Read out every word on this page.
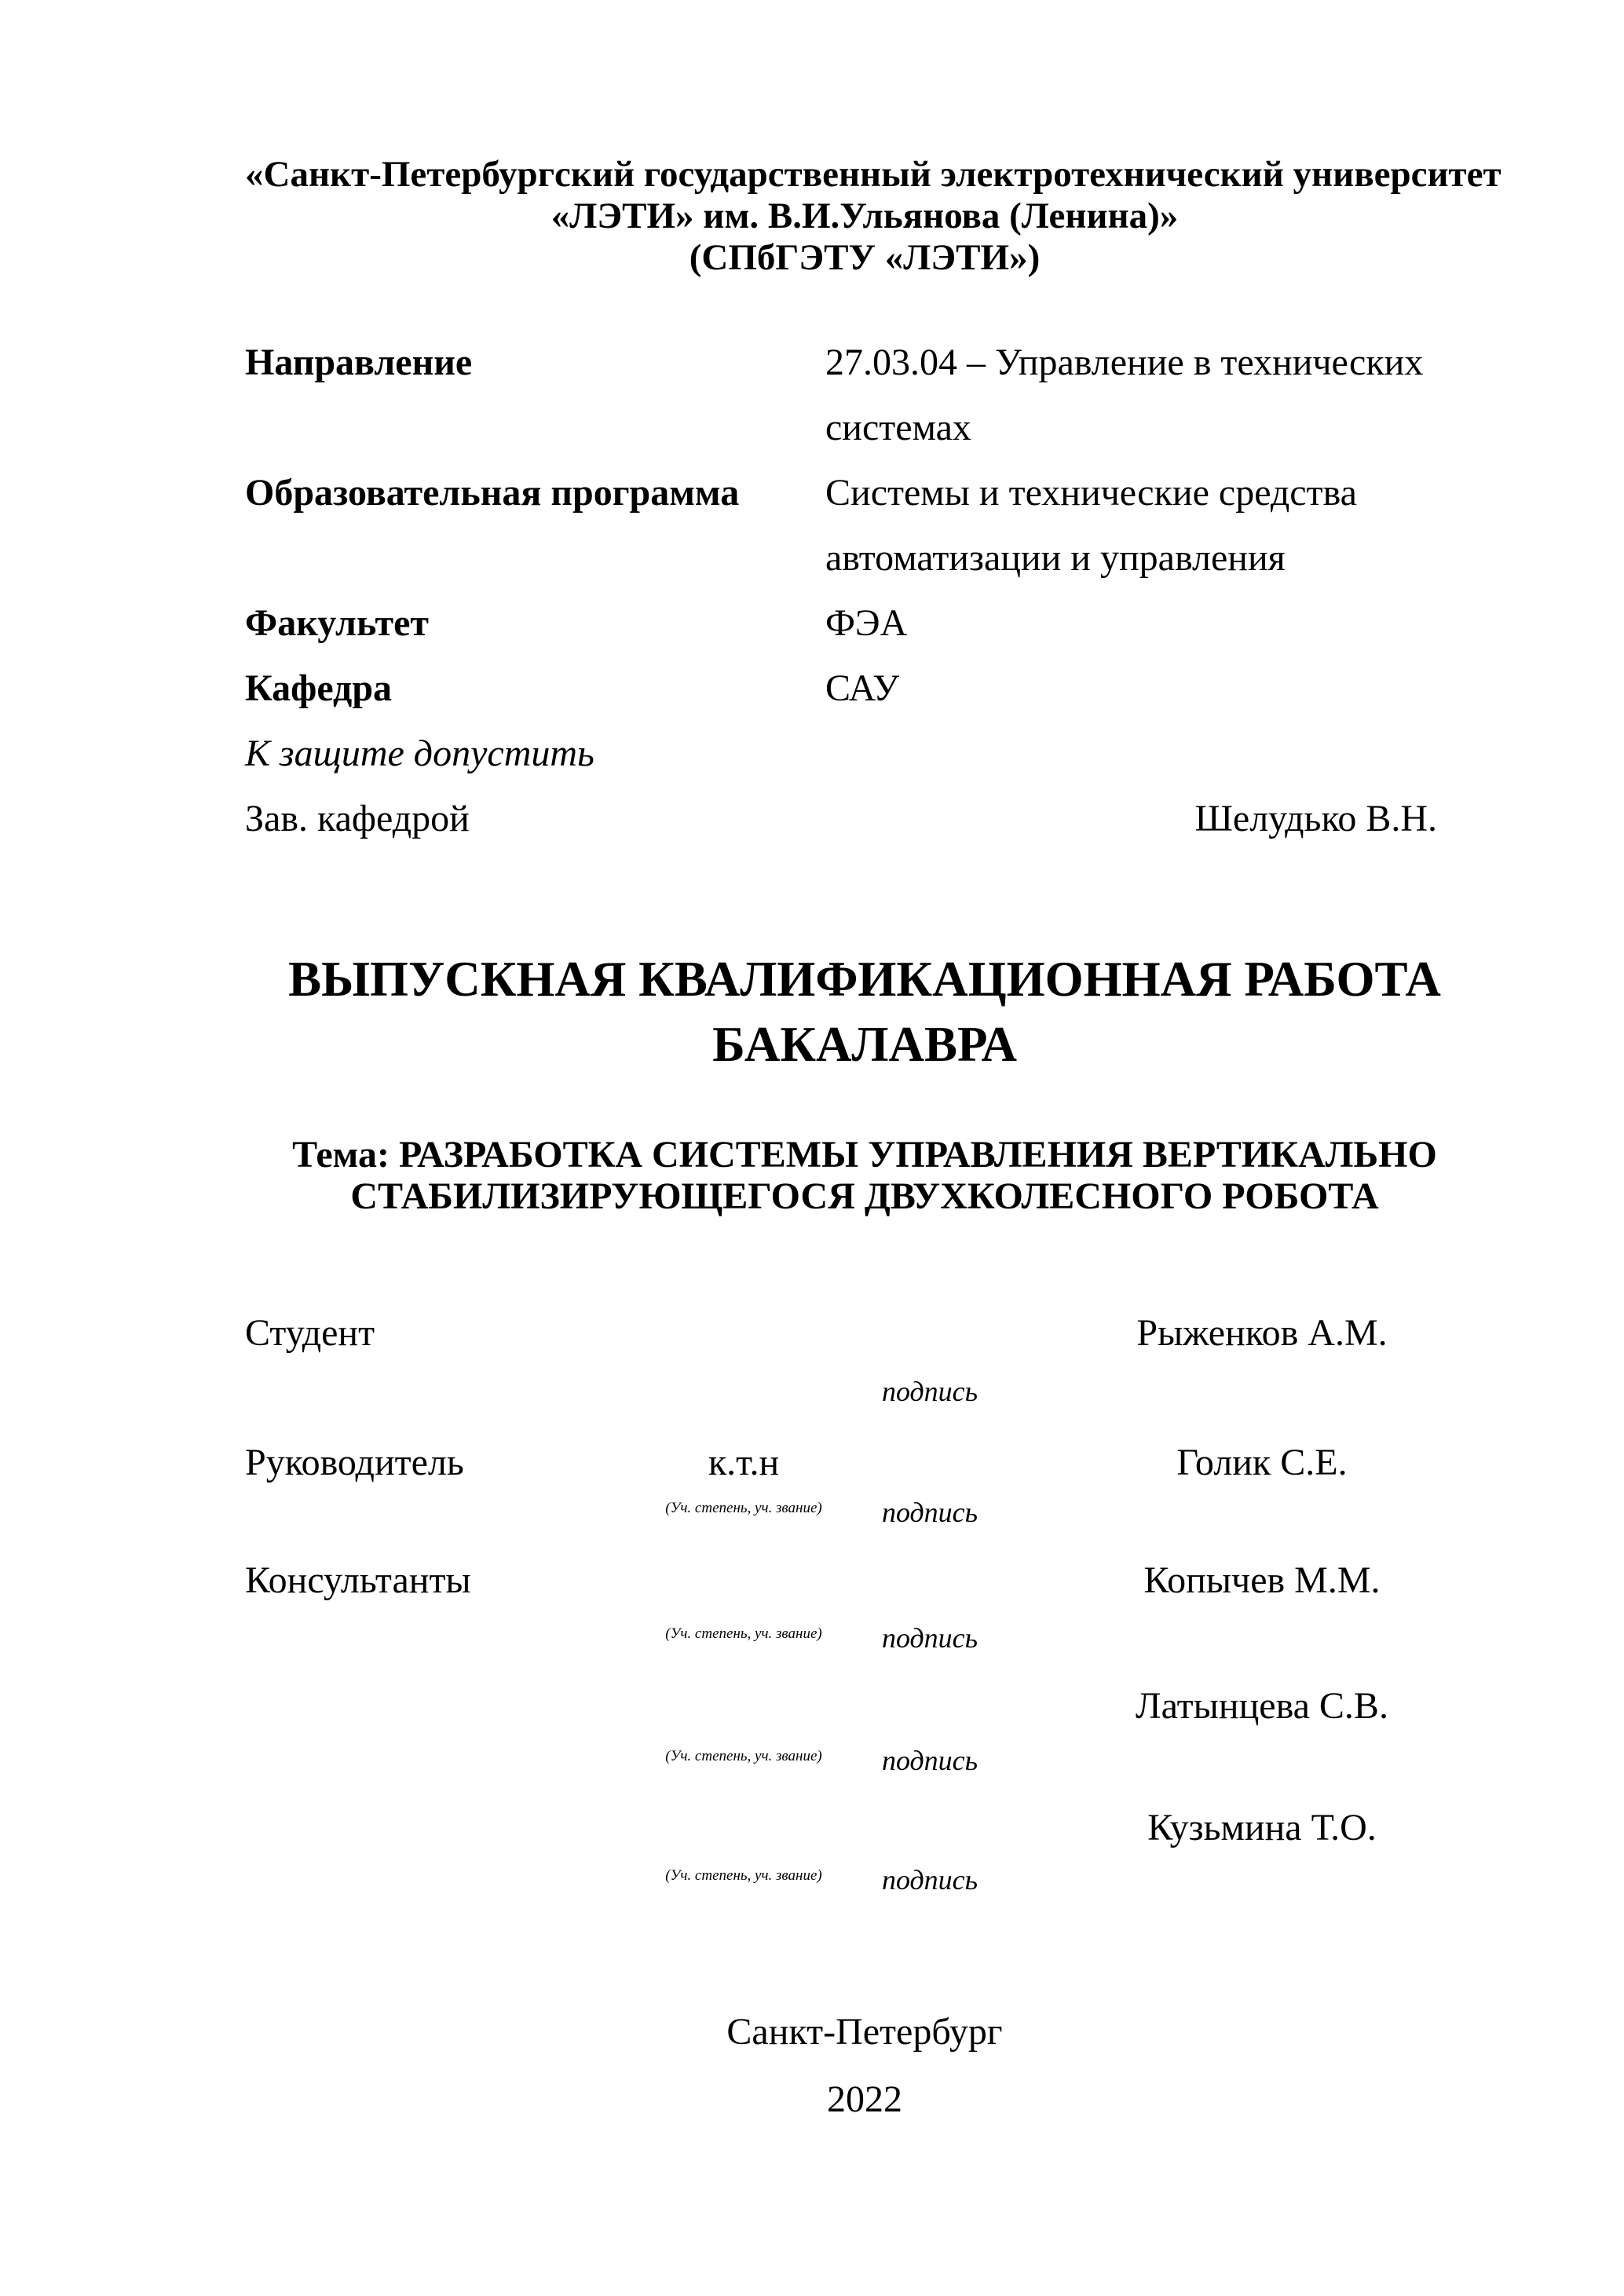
«Санкт-Петербургский государственный электротехнический университет
«ЛЭТИ» им. В.И.Ульянова (Ленина)»
(СПбГЭТУ «ЛЭТИ»)
Направление	27.03.04 – Управление в технических системах
Образовательная программа	Системы и технические средства автоматизации и управления
Факультет	ФЭА
Кафедра	САУ
К защите допустить
Зав. кафедрой	Шелудько В.Н.
ВЫПУСКНАЯ КВАЛИФИКАЦИОННАЯ РАБОТА
БАКАЛАВРА
Тема: РАЗРАБОТКА СИСТЕМЫ УПРАВЛЕНИЯ ВЕРТИКАЛЬНО
СТАБИЛИЗИРУЮЩЕГОСЯ ДВУХКОЛЕСНОГО РОБОТА
Студент	Рыженков А.М.
подпись
Руководитель	к.т.н	Голик С.Е.
(Уч. степень, уч. звание)	подпись
Консультанты	Копычев М.М.
(Уч. степень, уч. звание)	подпись
Латынцева С.В.
(Уч. степень, уч. звание)	подпись
Кузьмина Т.О.
(Уч. степень, уч. звание)	подпись
Санкт-Петербург
2022
